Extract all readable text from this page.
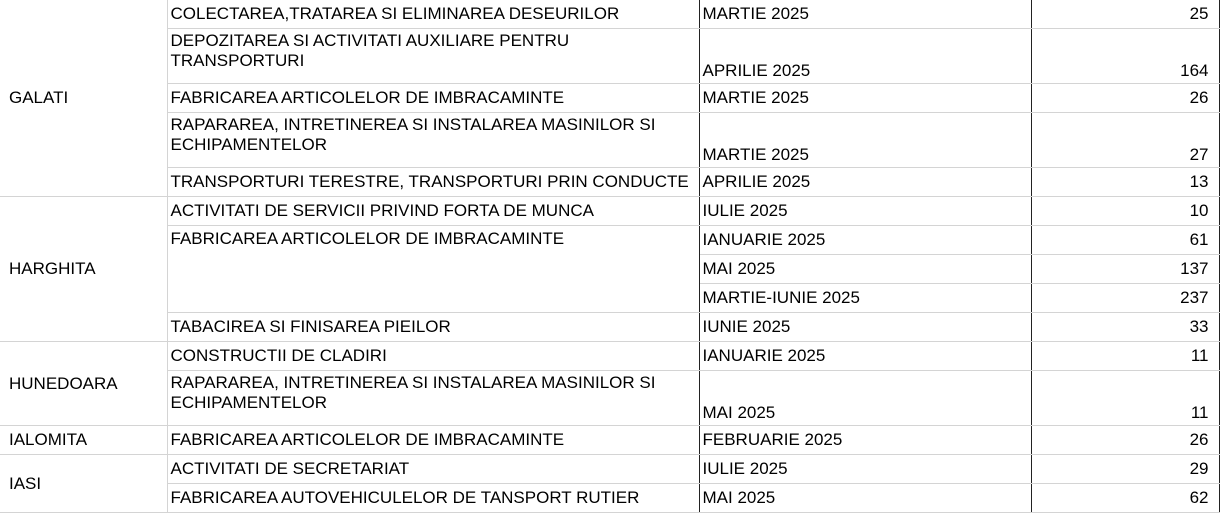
GALATI	COLECTAREA,TRATAREA SI ELIMINAREA DESEURILOR	MARTIE 2025	25
	DEPOZITAREA SI ACTIVITATI AUXILIARE PENTRU TRANSPORTURI	APRILIE 2025	164
	FABRICAREA ARTICOLELOR DE IMBRACAMINTE	MARTIE 2025	26
	RAPARAREA, INTRETINEREA SI INSTALAREA MASINILOR SI ECHIPAMENTELOR	MARTIE 2025	27
	TRANSPORTURI TERESTRE, TRANSPORTURI PRIN CONDUCTE	APRILIE 2025	13
HARGHITA	ACTIVITATI DE SERVICII PRIVIND FORTA DE MUNCA	IULIE 2025	10
	FABRICAREA ARTICOLELOR DE IMBRACAMINTE	IANUARIE 2025	61
		MAI 2025	137
		MARTIE-IUNIE 2025	237
	TABACIREA SI FINISAREA PIEILOR	IUNIE 2025	33
HUNEDOARA	CONSTRUCTII DE CLADIRI	IANUARIE 2025	11
	RAPARAREA, INTRETINEREA SI INSTALAREA MASINILOR SI ECHIPAMENTELOR	MAI 2025	11
IALOMITA	FABRICAREA ARTICOLELOR DE IMBRACAMINTE	FEBRUARIE 2025	26
IASI	ACTIVITATI DE SECRETARIAT	IULIE 2025	29
	FABRICAREA AUTOVEHICULELOR DE TANSPORT RUTIER	MAI 2025	62
